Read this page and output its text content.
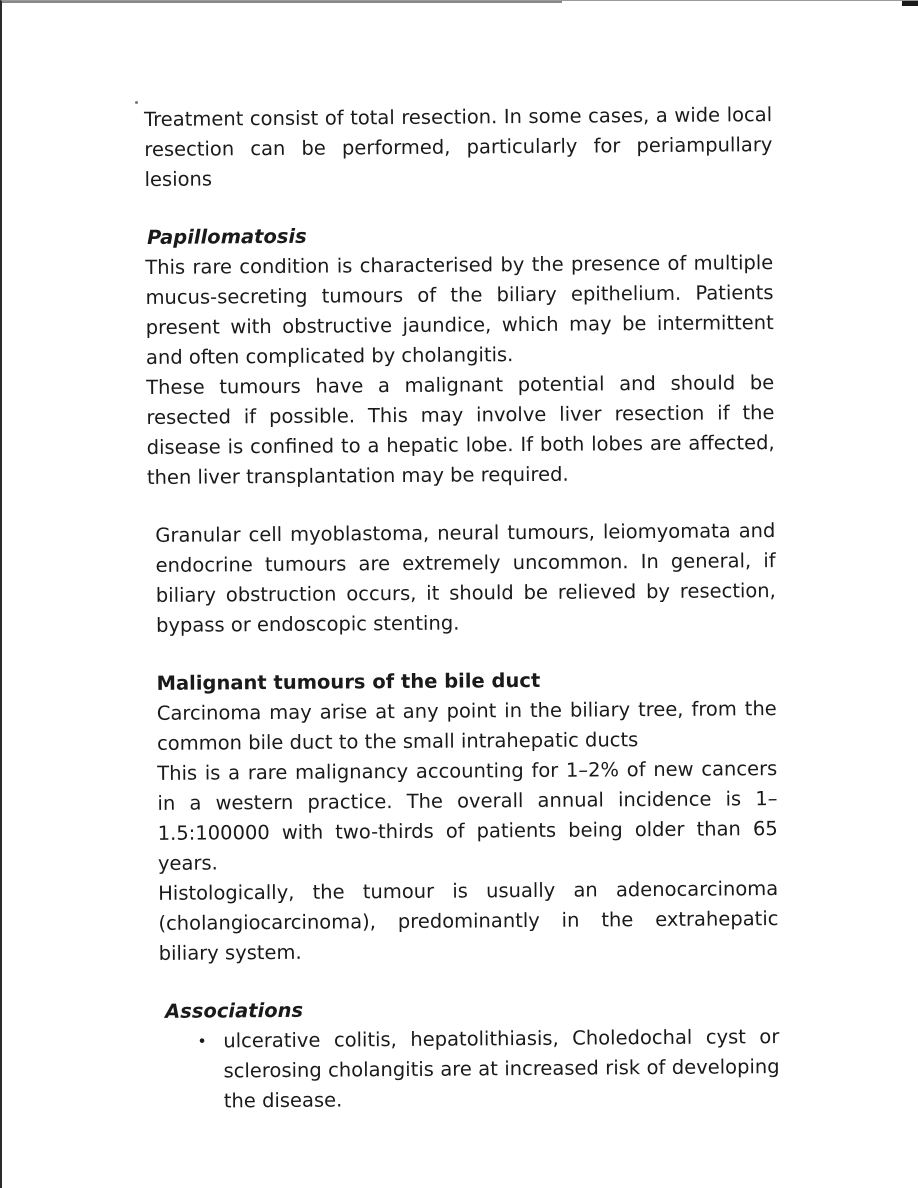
Treatment consist of total resection. In some cases, a wide local resection can be performed, particularly for periampullary lesions

Papillomatosis

This rare condition is characterised by the presence of multiple mucus-secreting tumours of the biliary epithelium. Patients present with obstructive jaundice, which may be intermittent and often complicated by cholangitis.

These tumours have a malignant potential and should be resected if possible. This may involve liver resection if the disease is confined to a hepatic lobe. If both lobes are affected, then liver transplantation may be required.

Granular cell myoblastoma, neural tumours, leiomyomata and endocrine tumours are extremely uncommon. In general, if biliary obstruction occurs, it should be relieved by resection, bypass or endoscopic stenting.

Malignant tumours of the bile duct

Carcinoma may arise at any point in the biliary tree, from the common bile duct to the small intrahepatic ducts

This is a rare malignancy accounting for 1–2% of new cancers in a western practice. The overall annual incidence is 1–1.5:100000 with two-thirds of patients being older than 65 years.

Histologically, the tumour is usually an adenocarcinoma (cholangiocarcinoma), predominantly in the extrahepatic biliary system.

Associations

• ulcerative colitis, hepatolithiasis, Choledochal cyst or sclerosing cholangitis are at increased risk of developing the disease.
